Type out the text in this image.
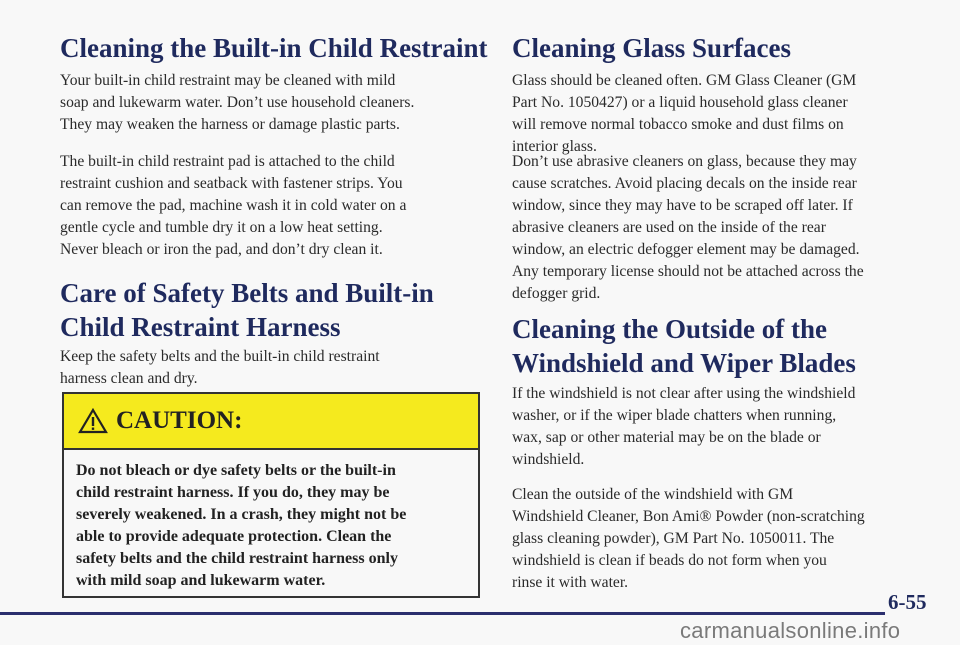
Cleaning the Built-in Child Restraint
Your built-in child restraint may be cleaned with mild
soap and lukewarm water. Don’t use household cleaners.
They may weaken the harness or damage plastic parts.
The built-in child restraint pad is attached to the child
restraint cushion and seatback with fastener strips. You
can remove the pad, machine wash it in cold water on a
gentle cycle and tumble dry it on a low heat setting.
Never bleach or iron the pad, and don’t dry clean it.
Care of Safety Belts and Built-in
Child Restraint Harness
Keep the safety belts and the built-in child restraint
harness clean and dry.
CAUTION:
Do not bleach or dye safety belts or the built-in
child restraint harness. If you do, they may be
severely weakened. In a crash, they might not be
able to provide adequate protection. Clean the
safety belts and the child restraint harness only
with mild soap and lukewarm water.
Cleaning Glass Surfaces
Glass should be cleaned often. GM Glass Cleaner (GM
Part No. 1050427) or a liquid household glass cleaner
will remove normal tobacco smoke and dust films on
interior glass.
Don’t use abrasive cleaners on glass, because they may
cause scratches. Avoid placing decals on the inside rear
window, since they may have to be scraped off later. If
abrasive cleaners are used on the inside of the rear
window, an electric defogger element may be damaged.
Any temporary license should not be attached across the
defogger grid.
Cleaning the Outside of the
Windshield and Wiper Blades
If the windshield is not clear after using the windshield
washer, or if the wiper blade chatters when running,
wax, sap or other material may be on the blade or
windshield.
Clean the outside of the windshield with GM
Windshield Cleaner, Bon Ami® Powder (non-scratching
glass cleaning powder), GM Part No. 1050011. The
windshield is clean if beads do not form when you
rinse it with water.
6-55
carmanualsonline.info
